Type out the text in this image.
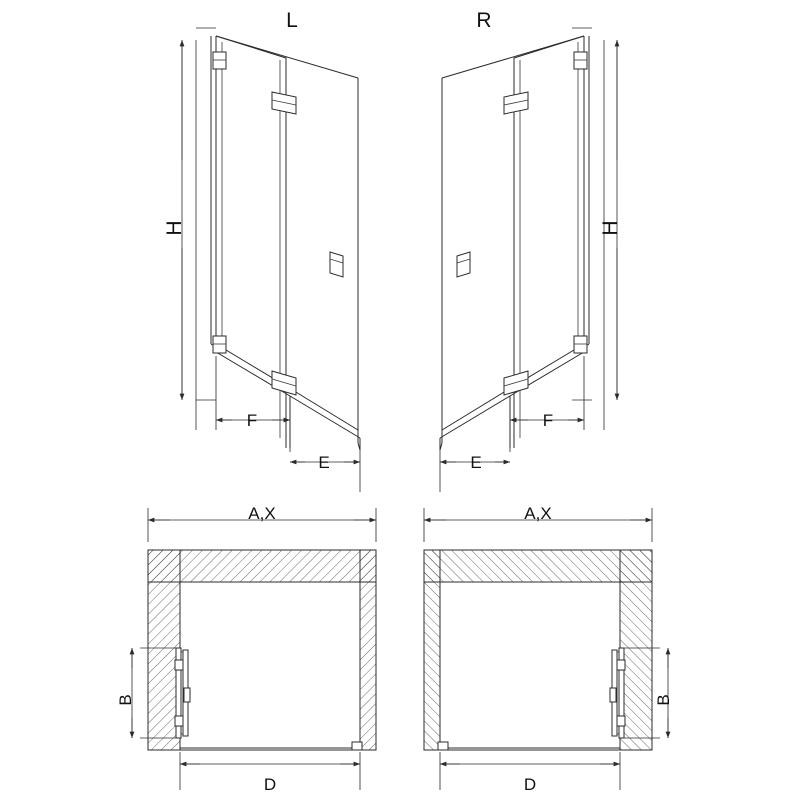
L	R
H	H
F
E
F
E
A,X	A,X
B	B
D	D
